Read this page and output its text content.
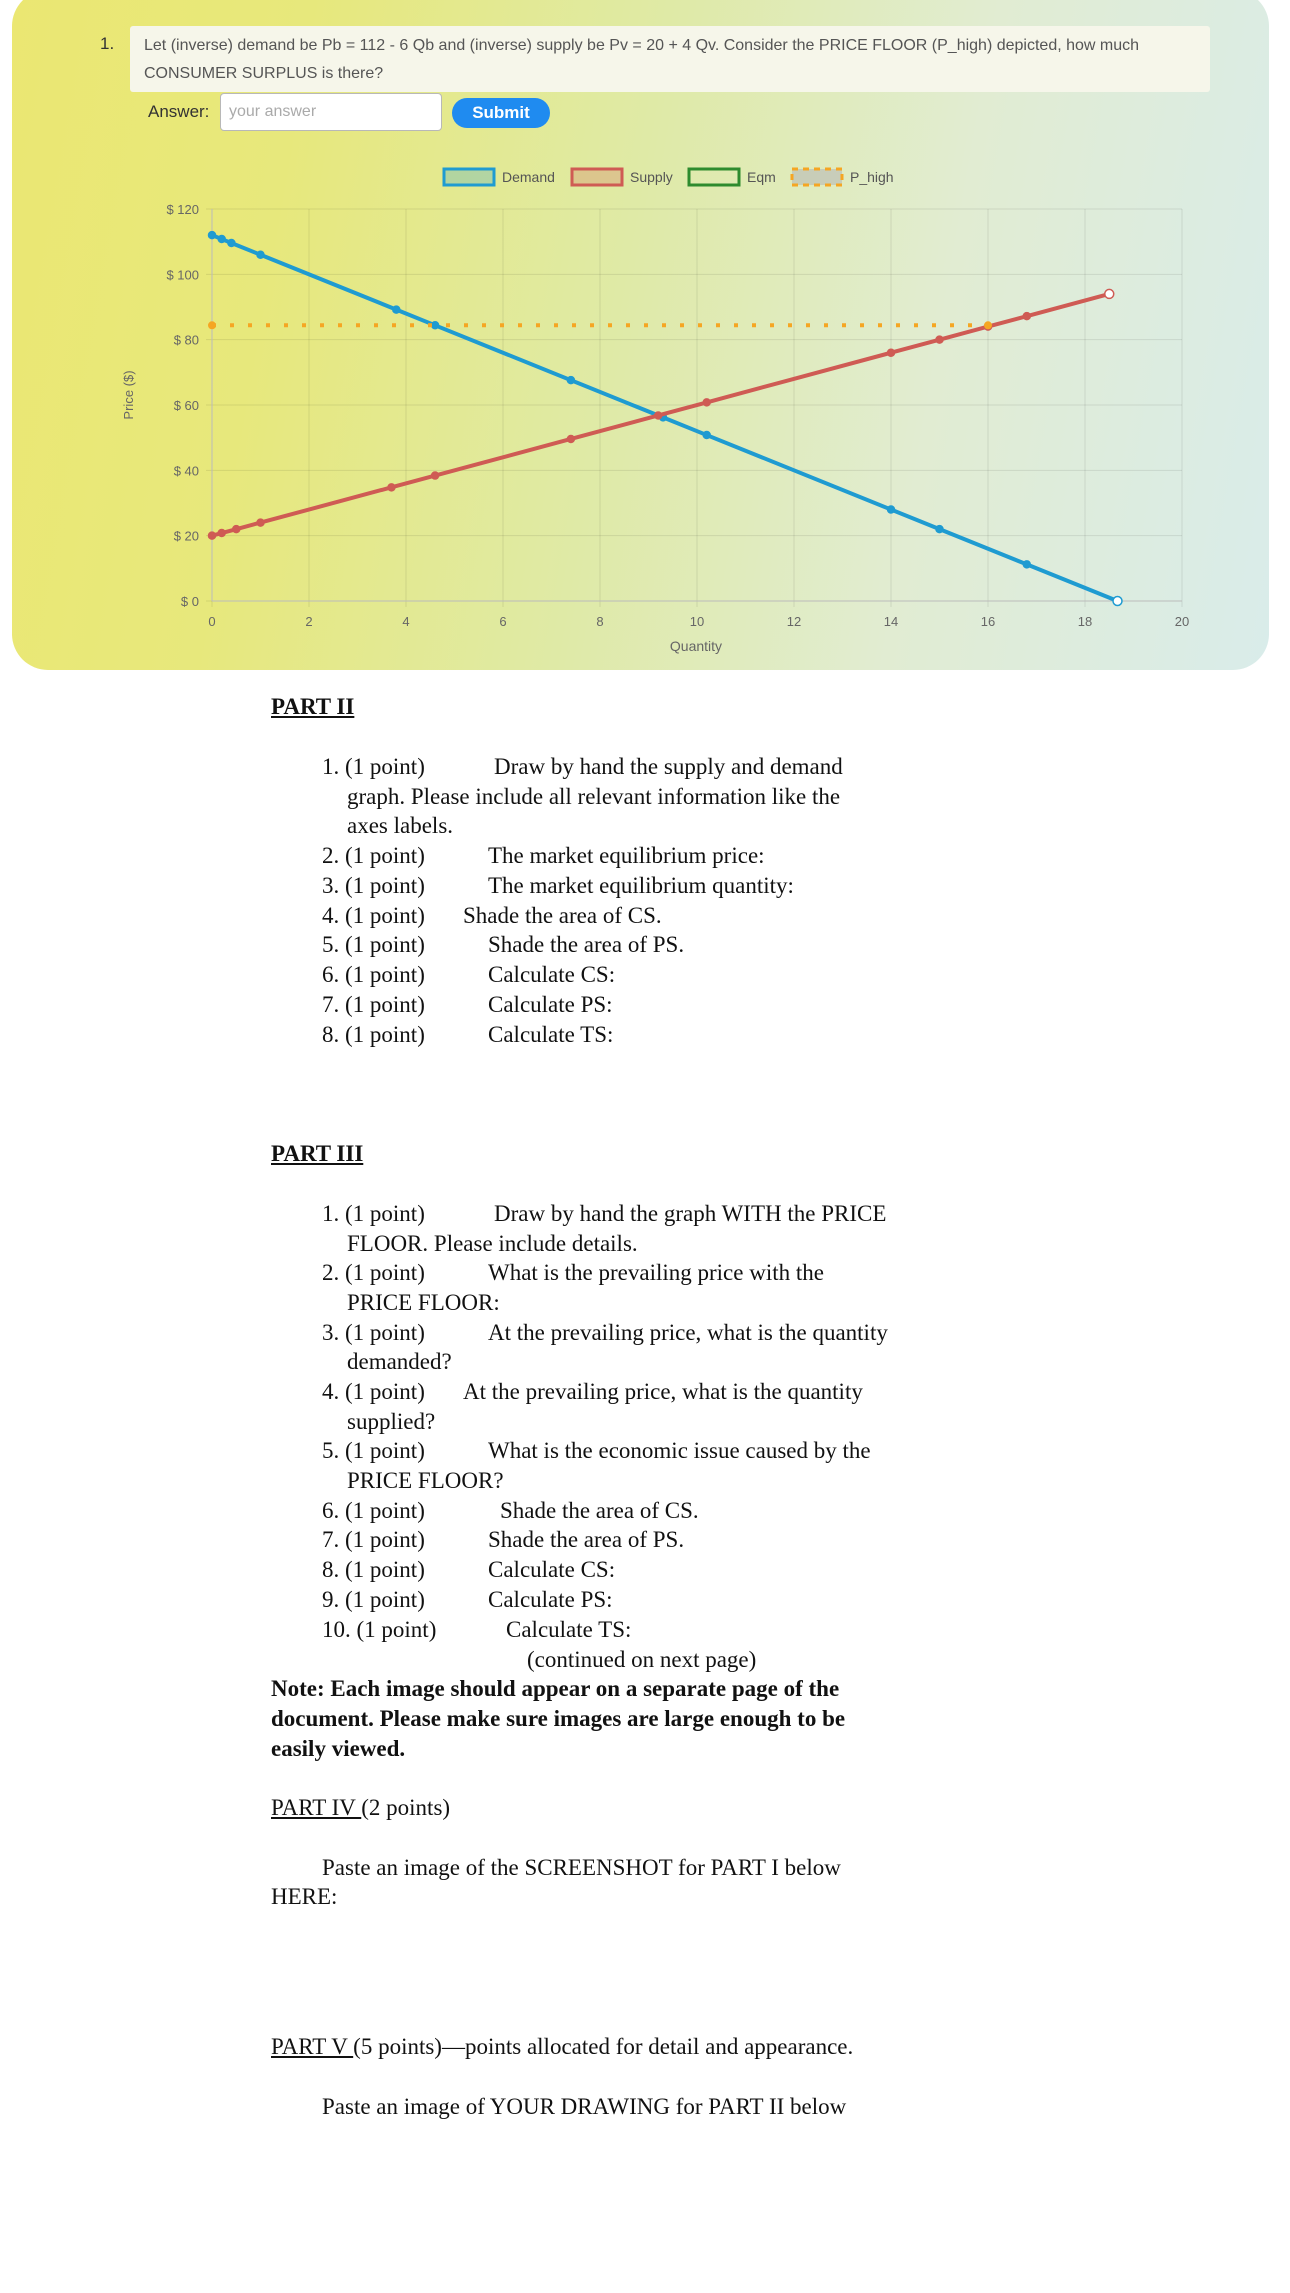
1. Let (inverse) demand be Pb = 112 - 6 Qb and (inverse) supply be Pv = 20 + 4 Qv. Consider the PRICE FLOOR (P_high) depicted, how much CONSUMER SURPLUS is there?
Answer:
your answer	Submit
0	2	4	6	8	10	12	14	16	18	20
$ 0
$ 20
$ 40
$ 60
$ 80
$ 100
$ 120
Demand	Supply	Eqm	P_high
Price ($)
Quantity
PART II
1. (1 point)	Draw by hand the supply and demand
graph. Please include all relevant information like the
axes labels.
2. (1 point)	The market equilibrium price:
3. (1 point)	The market equilibrium quantity:
4. (1 point) Shade the area of CS.
5. (1 point)	Shade the area of PS.
6. (1 point)	Calculate CS:
7. (1 point)	Calculate PS:
8. (1 point)	Calculate TS:
PART III
1. (1 point)	Draw by hand the graph WITH the PRICE
FLOOR. Please include details.
2. (1 point)	What is the prevailing price with the
PRICE FLOOR:
3. (1 point)	At the prevailing price, what is the quantity
demanded?
4. (1 point) At the prevailing price, what is the quantity
supplied?
5. (1 point)	What is the economic issue caused by the
PRICE FLOOR?
6. (1 point)	Shade the area of CS.
7. (1 point)	Shade the area of PS.
8. (1 point)	Calculate CS:
9. (1 point)	Calculate PS:
10. (1 point)	Calculate TS:
(continued on next page)
Note: Each image should appear on a separate page of the
document. Please make sure images are large enough to be
easily viewed.
PART IV (2 points)
Paste an image of the SCREENSHOT for PART I below
HERE:
PART V (5 points)—points allocated for detail and appearance.
Paste an image of YOUR DRAWING for PART II below
